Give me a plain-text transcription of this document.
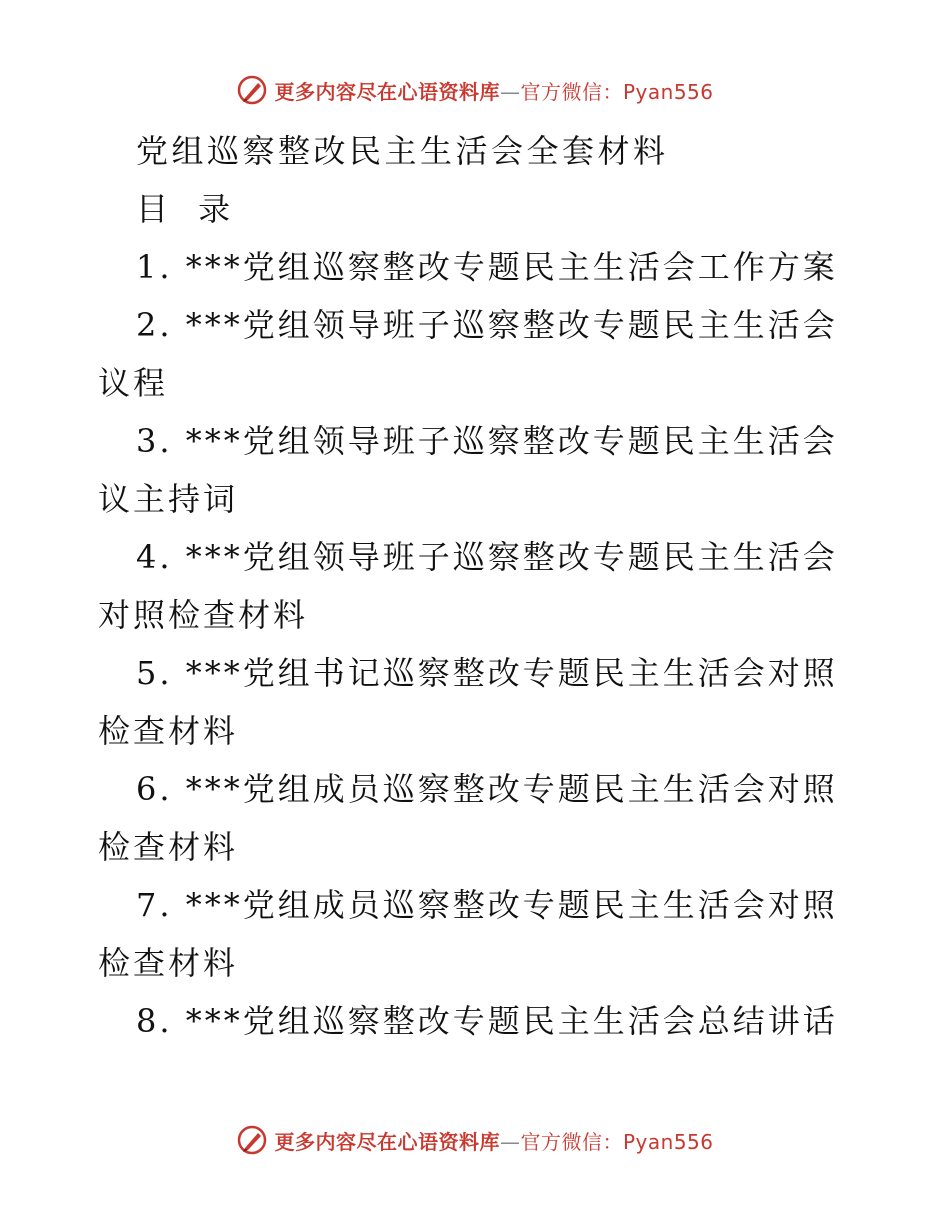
更多内容尽在心语资料库—官方微信：Pyan556

党组巡察整改民主生活会全套材料

目 录

1. ***党组巡察整改专题民主生活会工作方案

2. ***党组领导班子巡察整改专题民主生活会议程

3. ***党组领导班子巡察整改专题民主生活会议主持词

4. ***党组领导班子巡察整改专题民主生活会对照检查材料

5. ***党组书记巡察整改专题民主生活会对照检查材料

6. ***党组成员巡察整改专题民主生活会对照检查材料

7. ***党组成员巡察整改专题民主生活会对照检查材料

8. ***党组巡察整改专题民主生活会总结讲话

更多内容尽在心语资料库—官方微信：Pyan556
